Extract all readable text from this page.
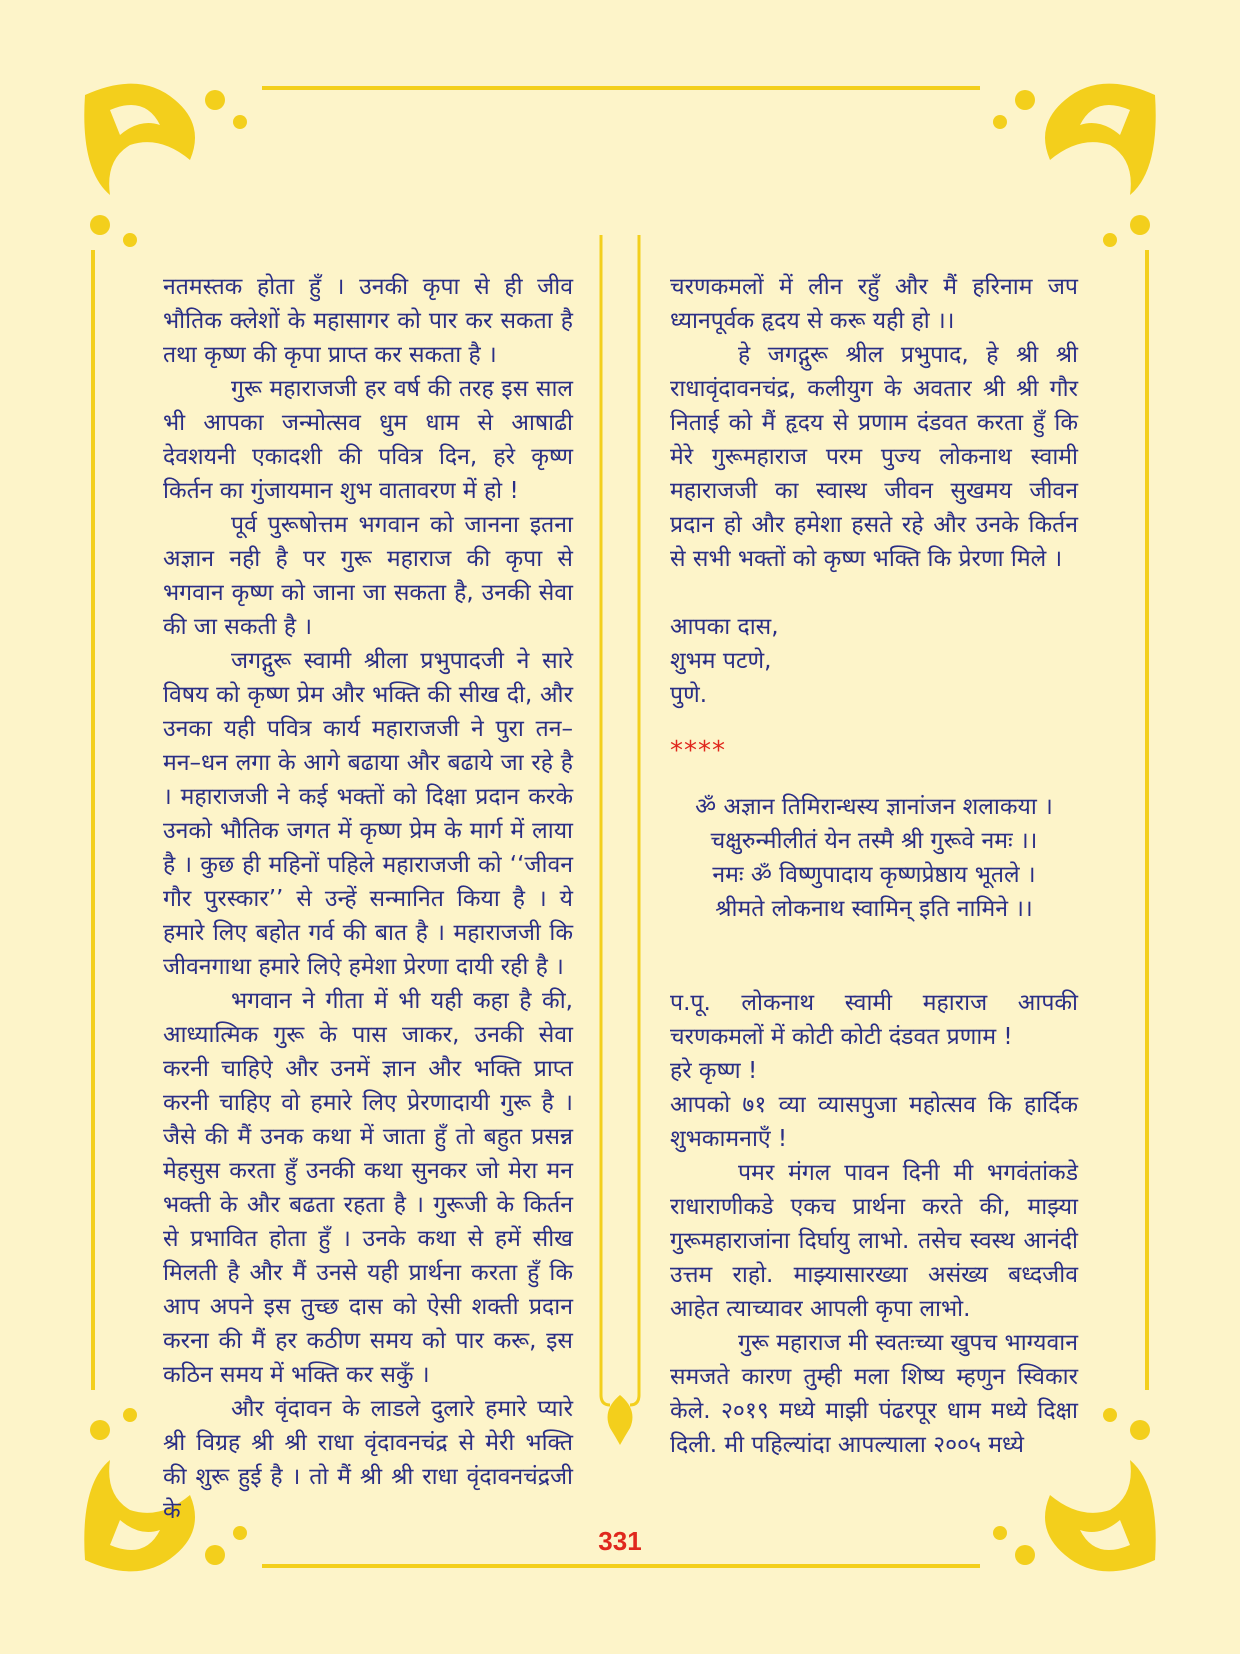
नतमस्तक होता हुँ । उनकी कृपा से ही जीव भौतिक क्लेशों के महासागर को पार कर सकता है तथा कृष्ण की कृपा प्राप्त कर सकता है ।

गुरू महाराजजी हर वर्ष की तरह इस साल भी आपका जन्मोत्सव धुम धाम से आषाढी देवशयनी एकादशी की पवित्र दिन, हरे कृष्ण किर्तन का गुंजायमान शुभ वातावरण में हो !

पूर्व पुरूषोत्तम भगवान को जानना इतना अज्ञान नही है पर गुरू महाराज की कृपा से भगवान कृष्ण को जाना जा सकता है, उनकी सेवा की जा सकती है ।

जगद्गुरू स्वामी श्रीला प्रभुपादजी ने सारे विषय को कृष्ण प्रेम और भक्ति की सीख दी, और उनका यही पवित्र कार्य महाराजजी ने पुरा तन–मन–धन लगा के आगे बढाया और बढाये जा रहे है । महाराजजी ने कई भक्तों को दिक्षा प्रदान करके उनको भौतिक जगत में कृष्ण प्रेम के मार्ग में लाया है । कुछ ही महिनों पहिले महाराजजी को ‘‘जीवन गौर पुरस्कार’’ से उन्हें सन्मानित किया है । ये हमारे लिए बहोत गर्व की बात है । महाराजजी कि जीवनगाथा हमारे लिऐ हमेशा प्रेरणा दायी रही है ।

भगवान ने गीता में भी यही कहा है की, आध्यात्मिक गुरू के पास जाकर, उनकी सेवा करनी चाहिऐ और उनमें ज्ञान और भक्ति प्राप्त करनी चाहिए वो हमारे लिए प्रेरणादायी गुरू है । जैसे की मैं उनक कथा में जाता हुँ तो बहुत प्रसन्न मेहसुस करता हुँ उनकी कथा सुनकर जो मेरा मन भक्ती के और बढता रहता है । गुरूजी के किर्तन से प्रभावित होता हुँ । उनके कथा से हमें सीख मिलती है और मैं उनसे यही प्रार्थना करता हुँ कि आप अपने इस तुच्छ दास को ऐसी शक्ती प्रदान करना की मैं हर कठीण समय को पार करू, इस कठिन समय में भक्ति कर सकुँ ।

और वृंदावन के लाडले दुलारे हमारे प्यारे श्री विग्रह श्री श्री राधा वृंदावनचंद्र से मेरी भक्ति की शुरू हुई है । तो मैं श्री श्री राधा वृंदावनचंद्रजी के

चरणकमलों में लीन रहुँ और मैं हरिनाम जप ध्यानपूर्वक हृदय से करू यही हो ।।

हे जगद्गुरू श्रील प्रभुपाद, हे श्री श्री राधावृंदावनचंद्र, कलीयुग के अवतार श्री श्री गौर निताई को मैं हृदय से प्रणाम दंडवत करता हुँ कि मेरे गुरूमहाराज परम पुज्य लोकनाथ स्वामी महाराजजी का स्वास्थ जीवन सुखमय जीवन प्रदान हो और हमेशा हसते रहे और उनके किर्तन से सभी भक्तों को कृष्ण भक्ति कि प्रेरणा मिले ।

आपका दास,

शुभम पटणे,

पुणे.

****

ॐ अज्ञान तिमिरान्धस्य ज्ञानांजन शलाकया ।

चक्षुरुन्मीलीतं येन तस्मै श्री गुरूवे नमः ।।

नमः ॐ विष्णुपादाय कृष्णप्रेष्ठाय भूतले ।

श्रीमते लोकनाथ स्वामिन् इति नामिने ।।

प.पू. लोकनाथ स्वामी महाराज आपकी चरणकमलों में कोटी कोटी दंडवत प्रणाम !

हरे कृष्ण !

आपको ७१ व्या व्यासपुजा महोत्सव कि हार्दिक शुभकामनाएँ !

पमर मंगल पावन दिनी मी भगवंतांकडे राधाराणीकडे एकच प्रार्थना करते की, माझ्या गुरूमहाराजांना दिर्घायु लाभो. तसेच स्वस्थ आनंदी उत्तम राहो. माझ्यासारख्या असंख्य बध्दजीव आहेत त्याच्यावर आपली कृपा लाभो.

गुरू महाराज मी स्वतःच्या खुपच भाग्यवान समजते कारण तुम्ही मला शिष्य म्हणुन स्विकार केले. २०१९ मध्ये माझी पंढरपूर धाम मध्ये दिक्षा दिली. मी पहिल्यांदा आपल्याला २००५ मध्ये

331
